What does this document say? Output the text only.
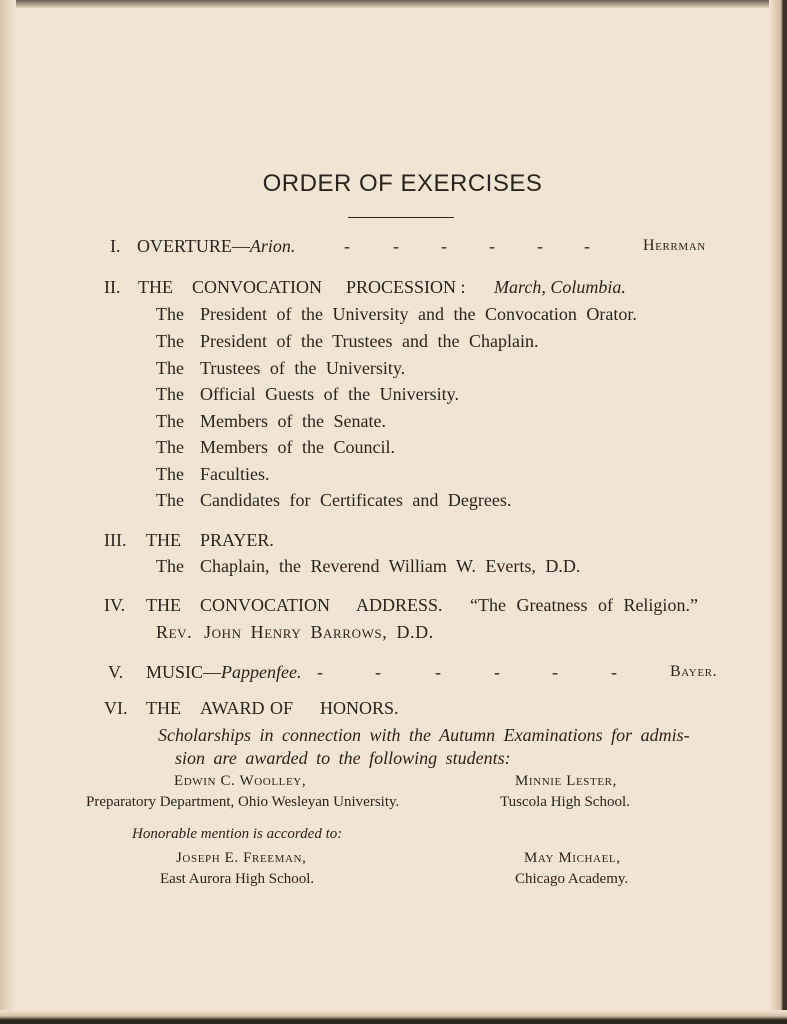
ORDER OF EXERCISES
I. OVERTURE—Arion.	- - - - - -	Herrman
II. THE CONVOCATION PROCESSION : March, Columbia.
The President of the University and the Convocation Orator.
The President of the Trustees and the Chaplain.
The Trustees of the University.
The Official Guests of the University.
The Members of the Senate.
The Members of the Council.
The Faculties.
The Candidates for Certificates and Degrees.
III. THE PRAYER.
The Chaplain, the Reverend William W. Everts, D.D.
IV. THE CONVOCATION ADDRESS. “The Greatness of Religion.”
Rev. John Henry Barrows, D.D.
V. MUSIC—Pappenfee. -	-	-	-	-	-	Bayer.
VI. THE AWARD OF HONORS.
Scholarships in connection with the Autumn Examinations for admis-
sion are awarded to the following students:
Edwin C. Woolley,
Preparatory Department, Ohio Wesleyan University.
Minnie Lester,
Tuscola High School.
Honorable mention is accorded to:
Joseph E. Freeman,
East Aurora High School.
May Michael,
Chicago Academy.
